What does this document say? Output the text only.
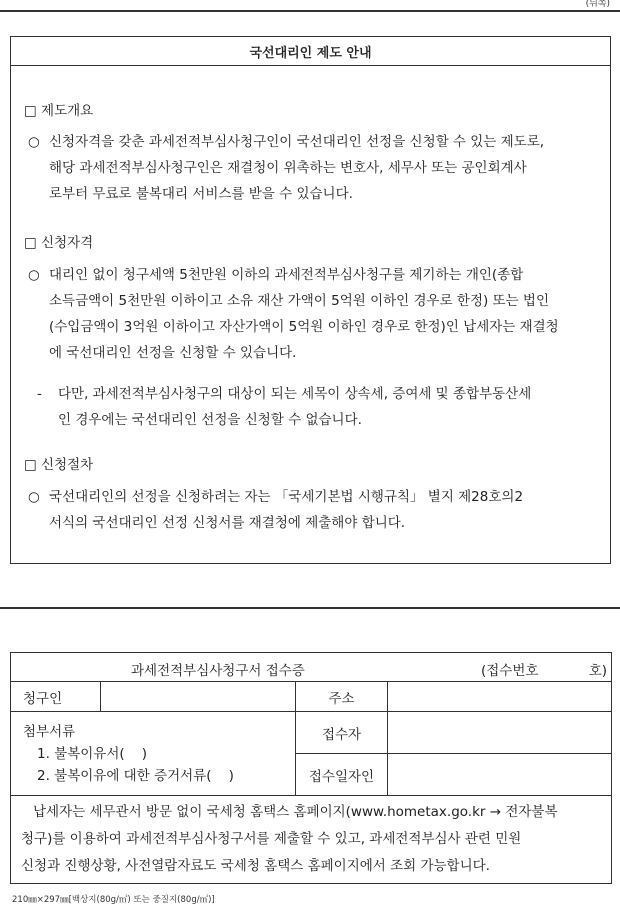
(뒤쪽)
국선대리인 제도 안내
□ 제도개요
○ 신청자격을 갖춘 과세전적부심사청구인이 국선대리인 선정을 신청할 수 있는 제도로,
해당 과세전적부심사청구인은 재결청이 위촉하는 변호사, 세무사 또는 공인회계사
로부터 무료로 불복대리 서비스를 받을 수 있습니다.
□ 신청자격
○ 대리인 없이 청구세액 5천만원 이하의 과세전적부심사청구를 제기하는 개인(종합
소득금액이 5천만원 이하이고 소유 재산 가액이 5억원 이하인 경우로 한정) 또는 법인
(수입금액이 3억원 이하이고 자산가액이 5억원 이하인 경우로 한정)인 납세자는 재결청
에 국선대리인 선정을 신청할 수 있습니다.
- 다만, 과세전적부심사청구의 대상이 되는 세목이 상속세, 증여세 및 종합부동산세
인 경우에는 국선대리인 선정을 신청할 수 없습니다.
□ 신청절차
○ 국선대리인의 선정을 신청하려는 자는 「국세기본법 시행규칙」 별지 제28호의2
서식의 국선대리인 선정 신청서를 재결청에 제출해야 합니다.
과세전적부심사청구서 접수증 (접수번호 호)			

청구인		주소	

첨부서류
1. 불복이유서(    )
2. 불복이유에 대한 증거서류(    )		접수자	
		접수일자인	

납세자는 세무관서 방문 없이 국세청 홈택스 홈페이지(www.hometax.go.kr → 전자불복
청구)를 이용하여 과세전적부심사청구서를 제출할 수 있고, 과세전적부심사 관련 민원
신청과 진행상황, 사전열람자료도 국세청 홈택스 홈페이지에서 조회 가능합니다.			
210㎜×297㎜[백상지(80g/㎡) 또는 중질지(80g/㎡)]
